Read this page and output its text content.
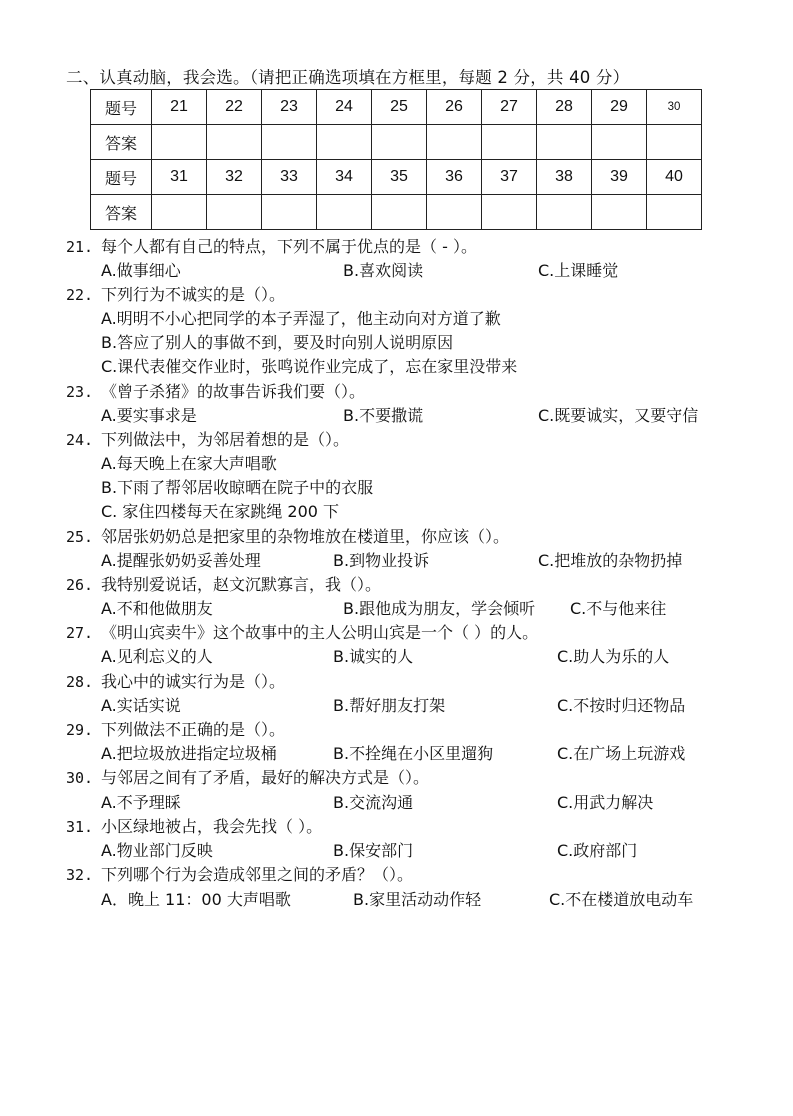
二、认真动脑，我会选。（请把正确选项填在方框里，每题 2 分，共 40 分）
题号	21	22	23	24	25	26	27	28	29	30
答案										
题号	31	32	33	34	35	36	37	38	39	40
答案										
21. 每个人都有自己的特点，下列不属于优点的是（ - ）。
A.做事细心	B.喜欢阅读	C.上课睡觉
22. 下列行为不诚实的是（）。
A.明明不小心把同学的本子弄湿了，他主动向对方道了歉
B.答应了别人的事做不到，要及时向别人说明原因
C.课代表催交作业时，张鸣说作业完成了，忘在家里没带来
23. 《曾子杀猪》的故事告诉我们要（）。
A.要实事求是	B.不要撒谎	C.既要诚实，又要守信
24. 下列做法中，为邻居着想的是（）。
A.每天晚上在家大声唱歌
B.下雨了帮邻居收晾晒在院子中的衣服
C. 家住四楼每天在家跳绳 200 下
25. 邻居张奶奶总是把家里的杂物堆放在楼道里，你应该（）。
A.提醒张奶奶妥善处理	B.到物业投诉	C.把堆放的杂物扔掉
26. 我特别爱说话，赵文沉默寡言，我（）。
A.不和他做朋友	B.跟他成为朋友，学会倾听 C.不与他来往
27. 《明山宾卖牛》这个故事中的主人公明山宾是一个（ ）的人。
A.见利忘义的人	B.诚实的人	C.助人为乐的人
28. 我心中的诚实行为是（）。
A.实话实说	B.帮好朋友打架	C.不按时归还物品
29. 下列做法不正确的是（）。
A.把垃圾放进指定垃圾桶	B.不拴绳在小区里遛狗	C.在广场上玩游戏
30. 与邻居之间有了矛盾，最好的解决方式是（）。
A.不予理睬	B.交流沟通	C.用武力解决
31. 小区绿地被占，我会先找（ ）。
A.物业部门反映	B.保安部门	C.政府部门
32. 下列哪个行为会造成邻里之间的矛盾？（）。
A．晚上 11：00 大声唱歌	B.家里活动动作轻	C.不在楼道放电动车
